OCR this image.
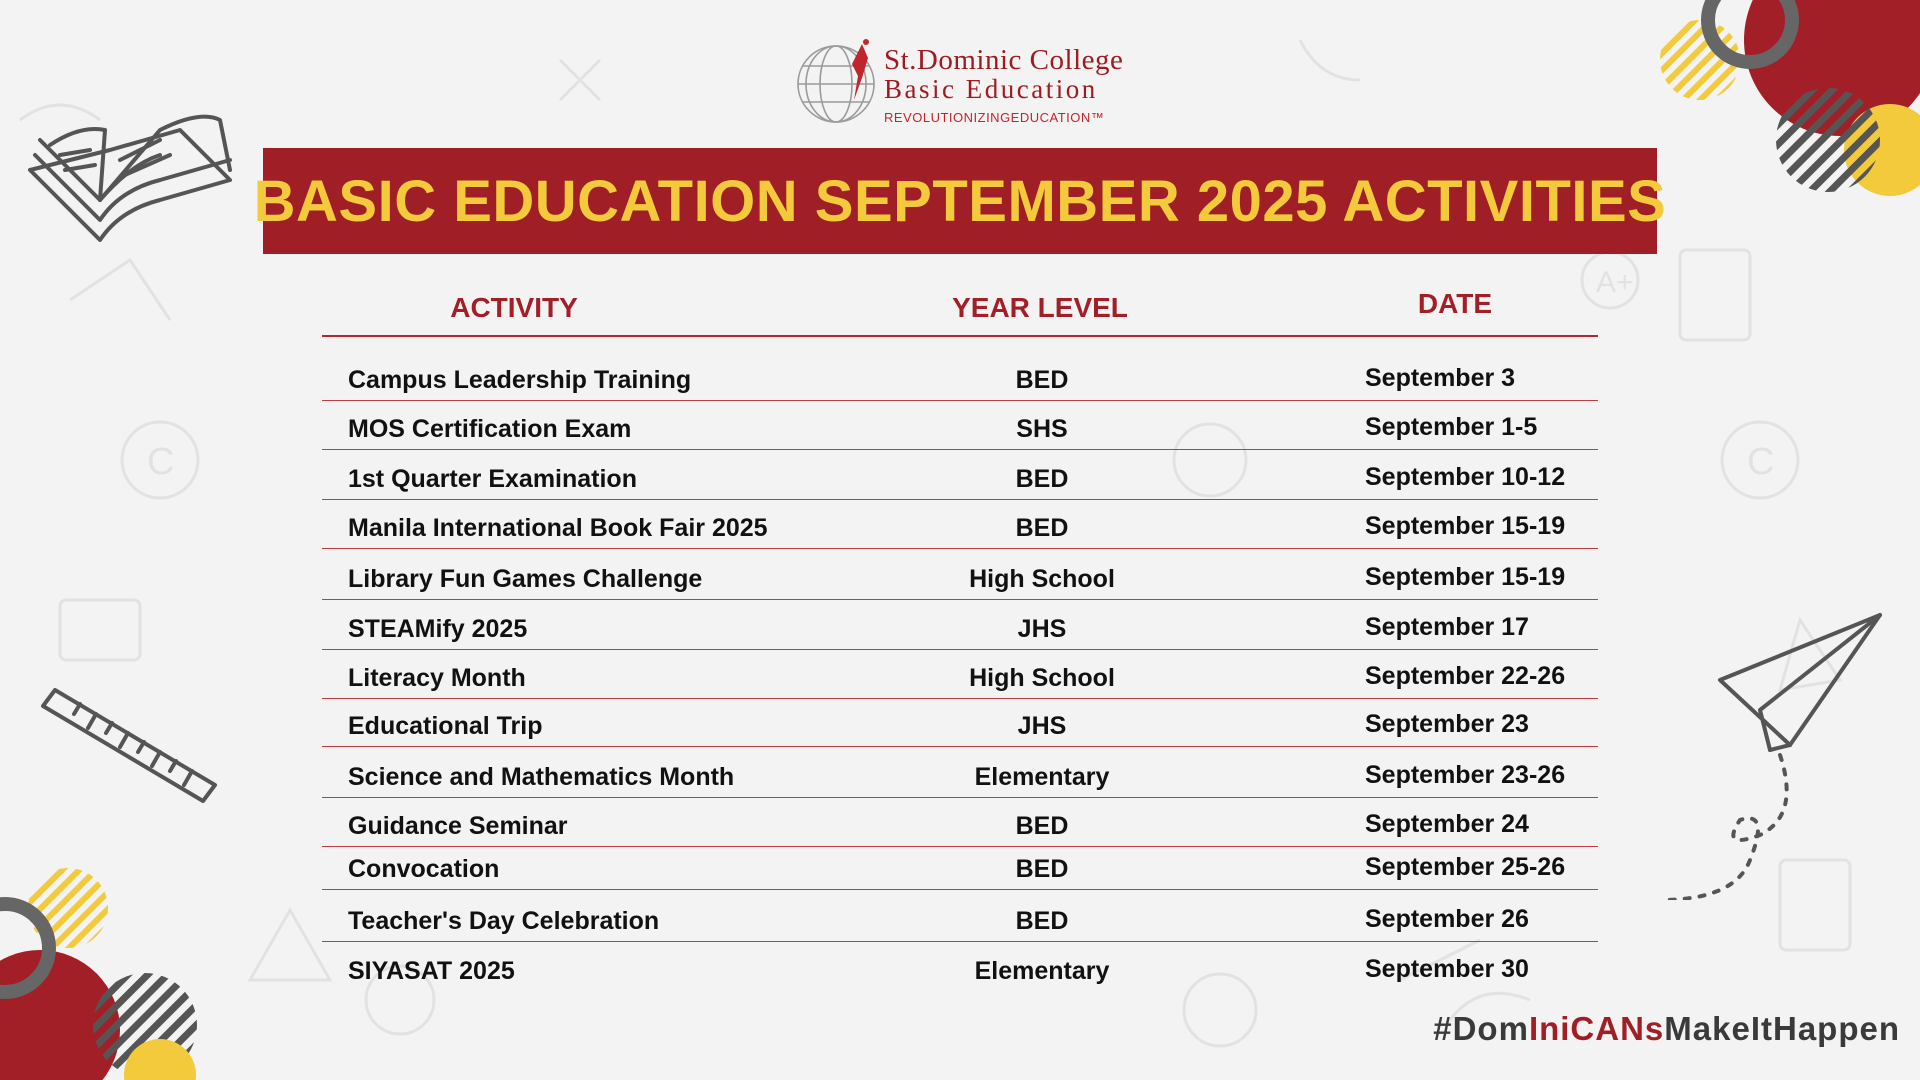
C	C
A+
St.Dominic College
Basic Education
REVOLUTIONIZINGEDUCATION™
BASIC EDUCATION SEPTEMBER 2025 ACTIVITIES
ACTIVITY	YEAR LEVEL	DATE
Campus Leadership Training	BED	September 3
MOS Certification Exam	SHS	September 1-5
1st Quarter Examination	BED	September 10-12
Manila International Book Fair 2025	BED	September 15-19
Library Fun Games Challenge	High School	September 15-19
STEAMify 2025	JHS	September 17
Literacy Month	High School	September 22-26
Educational Trip	JHS	September 23
Science and Mathematics Month	Elementary	September 23-26
Guidance Seminar	BED	September 24
Convocation	BED	September 25-26
Teacher's Day Celebration	BED	September 26
SIYASAT 2025	Elementary	September 30
#DomIniCANsMakeItHappen
